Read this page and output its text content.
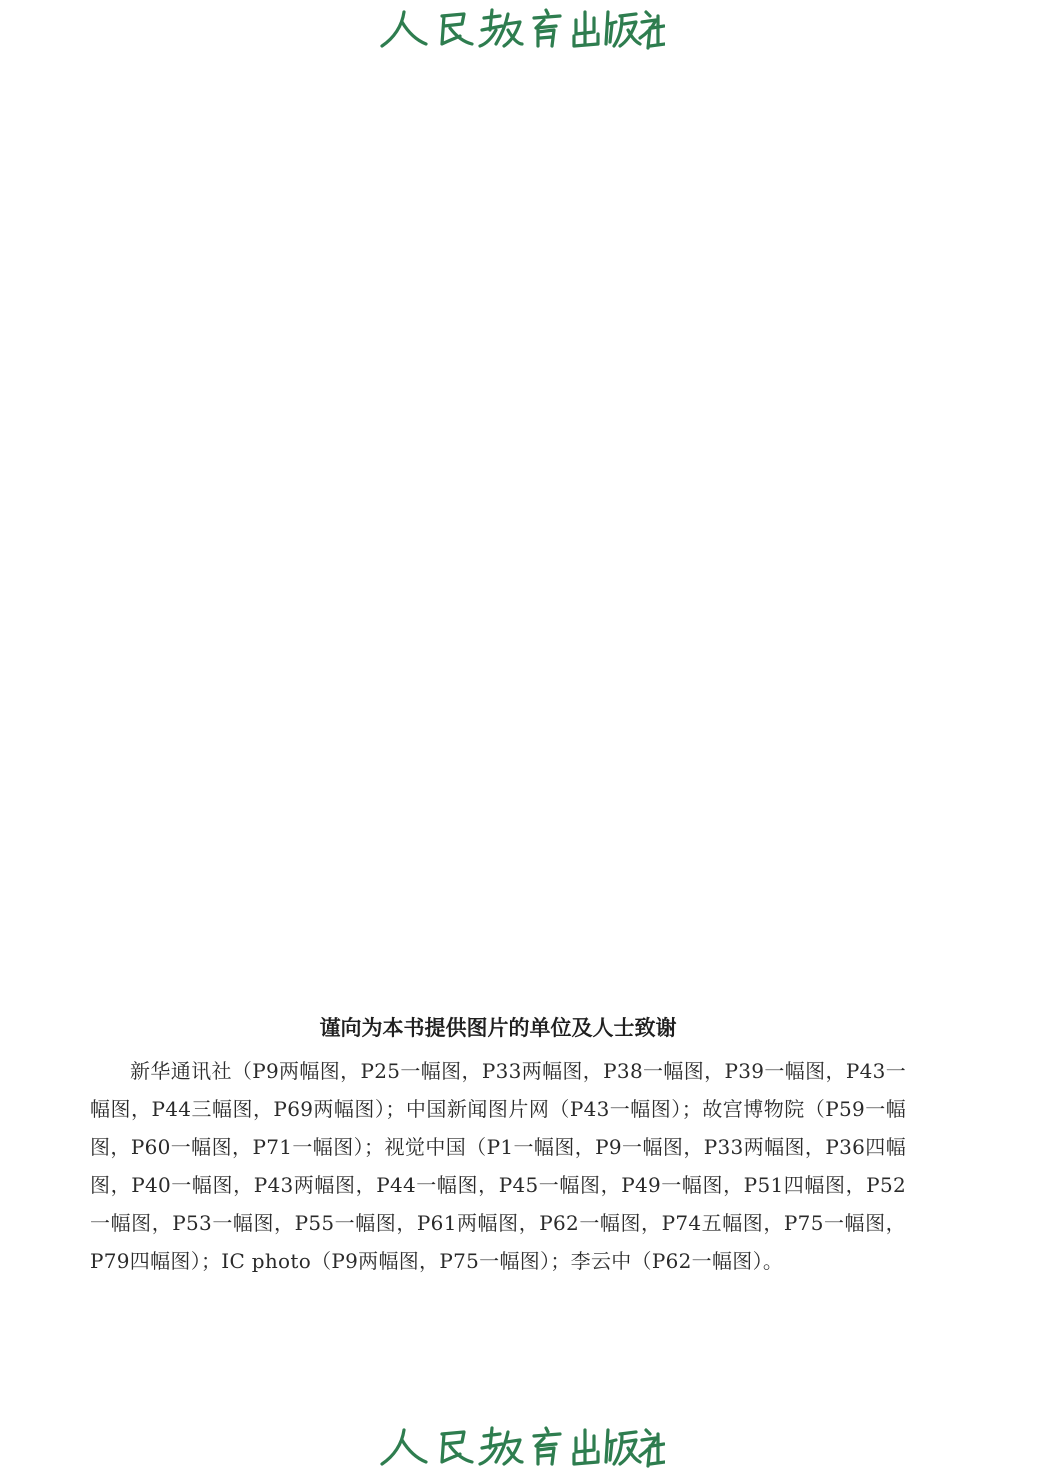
谨向为本书提供图片的单位及人士致谢

新华通讯社（P9两幅图，P25一幅图，P33两幅图，P38一幅图，P39一幅图，P43一幅图，P44三幅图，P69两幅图）；中国新闻图片网（P43一幅图）；故宫博物院（P59一幅图，P60一幅图，P71一幅图）；视觉中国（P1一幅图，P9一幅图，P33两幅图，P36四幅图，P40一幅图，P43两幅图，P44一幅图，P45一幅图，P49一幅图，P51四幅图，P52一幅图，P53一幅图，P55一幅图，P61两幅图，P62一幅图，P74五幅图，P75一幅图，P79四幅图）；IC photo（P9两幅图，P75一幅图）；李云中（P62一幅图）。
